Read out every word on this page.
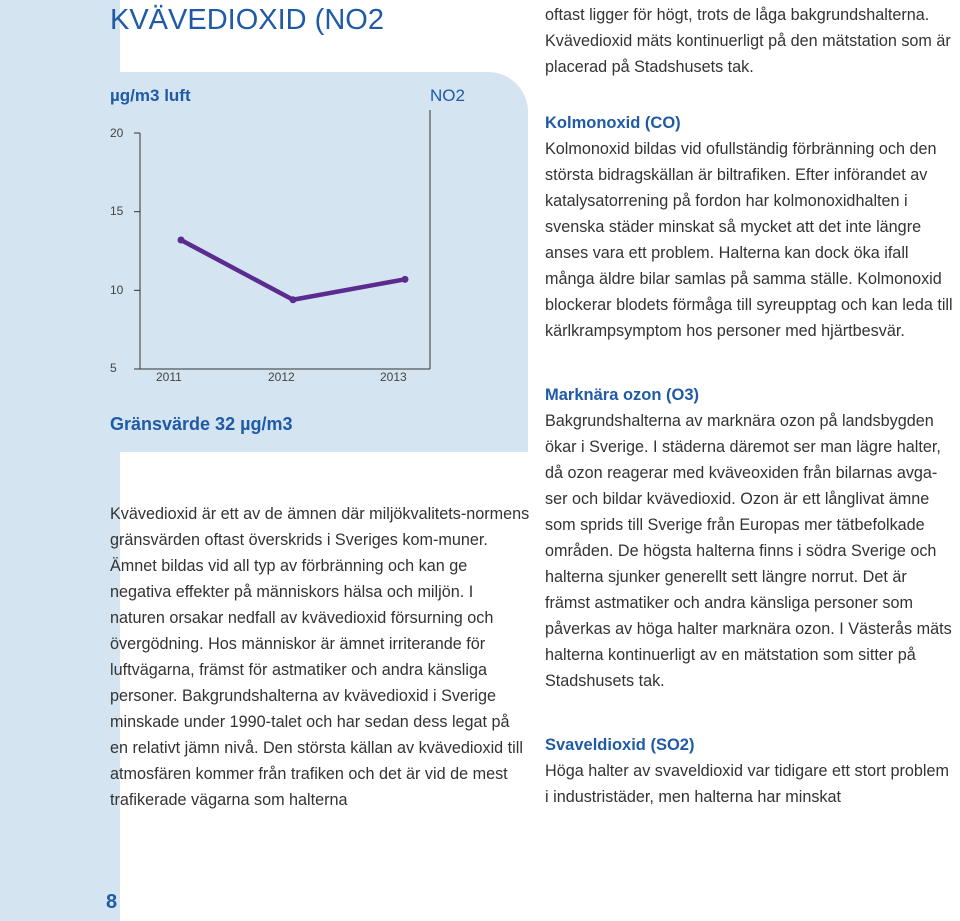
KVÄVEDIOXID (NO2
µg/m3 luft	NO2
20
15
10
5
2011	2012	2013
Gränsvärde 32 µg/m3

Kvävedioxid är ett av de ämnen där miljökvalitets-normens gränsvärden oftast överskrids i Sveriges kom-muner. Ämnet bildas vid all typ av förbränning och kan ge negativa effekter på människors hälsa och miljön. I naturen orsakar nedfall av kvävedioxid försurning och övergödning. Hos människor är ämnet irriterande för luftvägarna, främst för astmatiker och andra känsliga personer. Bakgrundshalterna av kvävedioxid i Sverige minskade under 1990-talet och har sedan dess legat på en relativt jämn nivå. Den största källan av kvävedioxid till atmosfären kommer från trafiken och det är vid de mest trafikerade vägarna som halterna

oftast ligger för högt, trots de låga bakgrundshalterna. Kvävedioxid mäts kontinuerligt på den mätstation som är placerad på Stadshusets tak.

Kolmonoxid (CO)

Kolmonoxid bildas vid ofullständig förbränning och den största bidragskällan är biltrafiken. Efter införandet av katalysatorrening på fordon har kolmonoxidhalten i svenska städer minskat så mycket att det inte längre anses vara ett problem. Halterna kan dock öka ifall många äldre bilar samlas på samma ställe. Kolmonoxid blockerar blodets förmåga till syreupptag och kan leda till kärlkrampsymptom hos personer med hjärtbesvär.

Marknära ozon (O3)

Bakgrundshalterna av marknära ozon på landsbygden ökar i Sverige. I städerna däremot ser man lägre halter, då ozon reagerar med kväveoxiden från bilarnas avga-ser och bildar kvävedioxid. Ozon är ett långlivat ämne som sprids till Sverige från Europas mer tätbefolkade områden. De högsta halterna finns i södra Sverige och halterna sjunker generellt sett längre norrut. Det är främst astmatiker och andra känsliga personer som påverkas av höga halter marknära ozon. I Västerås mäts halterna kontinuerligt av en mätstation som sitter på Stadshusets tak.

Svaveldioxid (SO2)

Höga halter av svaveldioxid var tidigare ett stort problem i industristäder, men halterna har minskat

8
